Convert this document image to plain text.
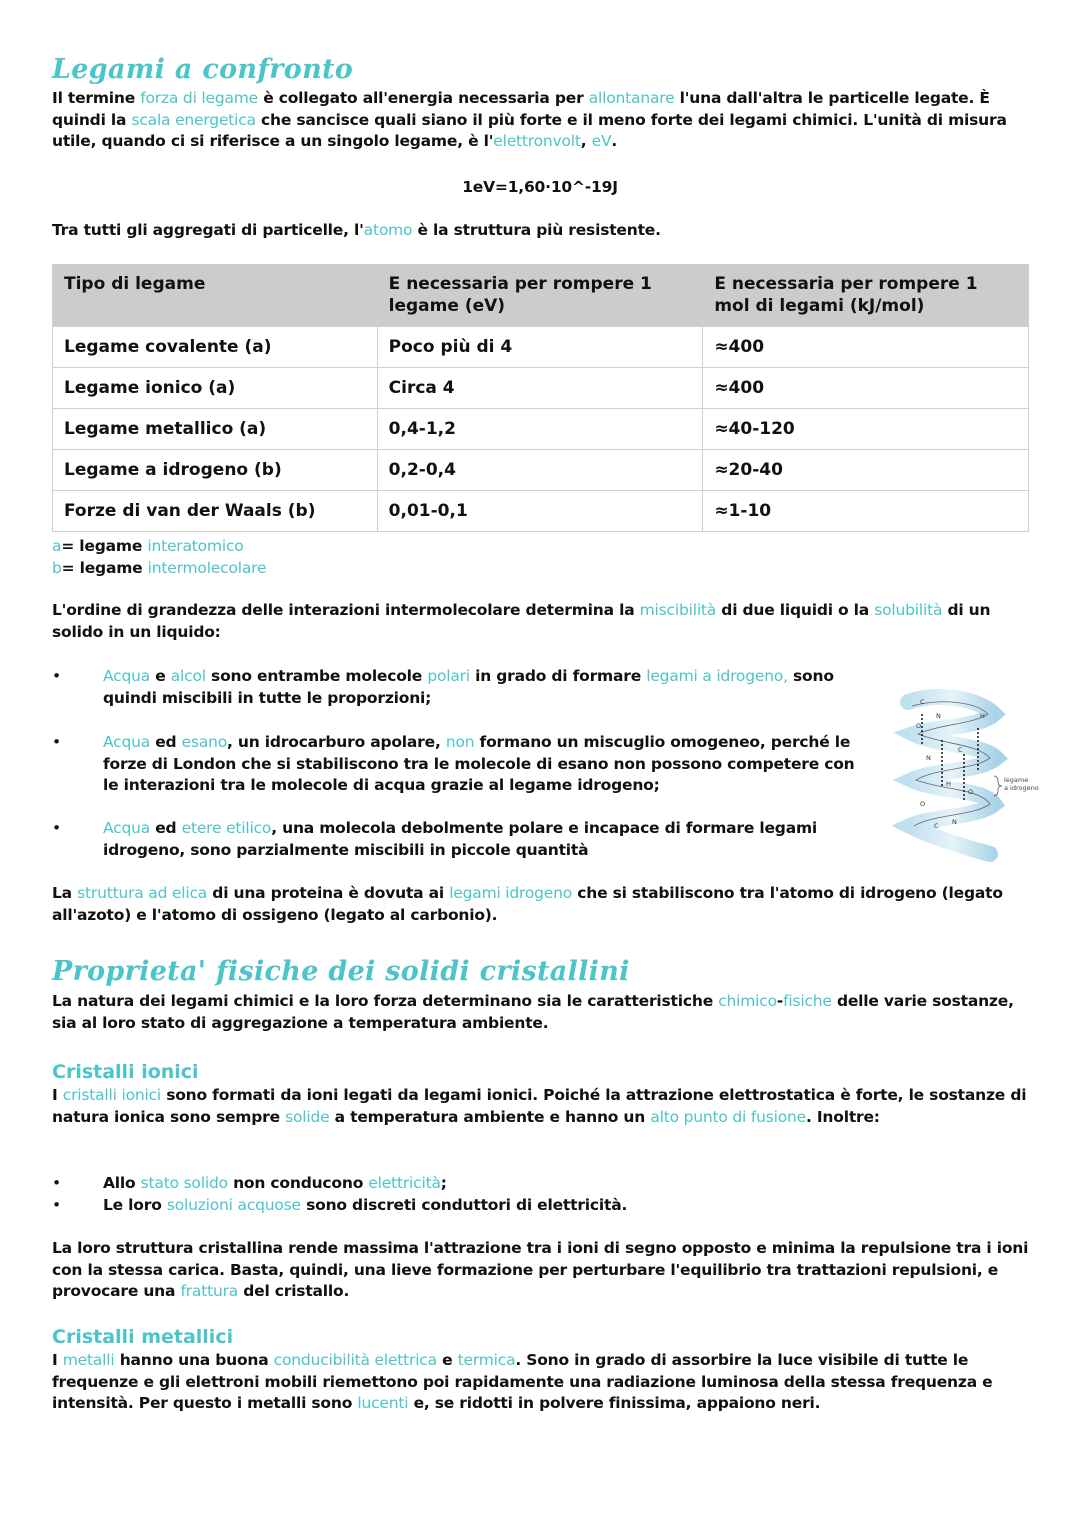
Legami a confronto
Il termine forza di legame è collegato all'energia necessaria per allontanare l'una dall'altra le particelle legate. È quindi la scala energetica che sancisce quali siano il più forte e il meno forte dei legami chimici. L'unità di misura utile, quando ci si riferisce a un singolo legame, è l'elettronvolt, eV.
1eV=1,60·10^-19J
Tra tutti gli aggregati di particelle, l'atomo è la struttura più resistente.
Tipo di legame	E necessaria per rompere 1 legame (eV)	E necessaria per rompere 1 mol di legami (kJ/mol)
Legame covalente (a)	Poco più di 4	≈400
Legame ionico (a)	Circa 4	≈400
Legame metallico (a)	0,4-1,2	≈40-120
Legame a idrogeno (b)	0,2-0,4	≈20-40
Forze di van der Waals (b)	0,01-0,1	≈1-10
a= legame interatomico
b= legame intermolecolare
L'ordine di grandezza delle interazioni intermolecolare determina la miscibilità di due liquidi o la solubilità di un solido in un liquido:
•	Acqua e alcol sono entrambe molecole polari in grado di formare legami a idrogeno, sono quindi miscibili in tutte le proporzioni;
•	Acqua ed esano, un idrocarburo apolare, non formano un miscuglio omogeneo, perché le forze di London che si stabiliscono tra le molecole di esano non possono competere con le interazioni tra le molecole di acqua grazie al legame idrogeno;
•	Acqua ed etere etilico, una molecola debolmente polare e incapace di formare legami idrogeno, sono parzialmente miscibili in piccole quantità
C
N	H
O
C
N
H
O
C N
O
legame
a idrogeno
La struttura ad elica di una proteina è dovuta ai legami idrogeno che si stabiliscono tra l'atomo di idrogeno (legato all'azoto) e l'atomo di ossigeno (legato al carbonio).
Proprieta' fisiche dei solidi cristallini
La natura dei legami chimici e la loro forza determinano sia le caratteristiche chimico-fisiche delle varie sostanze, sia al loro stato di aggregazione a temperatura ambiente.
Cristalli ionici
I cristalli ionici sono formati da ioni legati da legami ionici. Poiché la attrazione elettrostatica è forte, le sostanze di natura ionica sono sempre solide a temperatura ambiente e hanno un alto punto di fusione. Inoltre:
•	Allo stato solido non conducono elettricità;
•	Le loro soluzioni acquose sono discreti conduttori di elettricità.
La loro struttura cristallina rende massima l'attrazione tra i ioni di segno opposto e minima la repulsione tra i ioni con la stessa carica. Basta, quindi, una lieve formazione per perturbare l'equilibrio tra trattazioni repulsioni, e provocare una frattura del cristallo.
Cristalli metallici
I metalli hanno una buona conducibilità elettrica e termica. Sono in grado di assorbire la luce visibile di tutte le frequenze e gli elettroni mobili riemettono poi rapidamente una radiazione luminosa della stessa frequenza e intensità. Per questo i metalli sono lucenti e, se ridotti in polvere finissima, appaiono neri.
